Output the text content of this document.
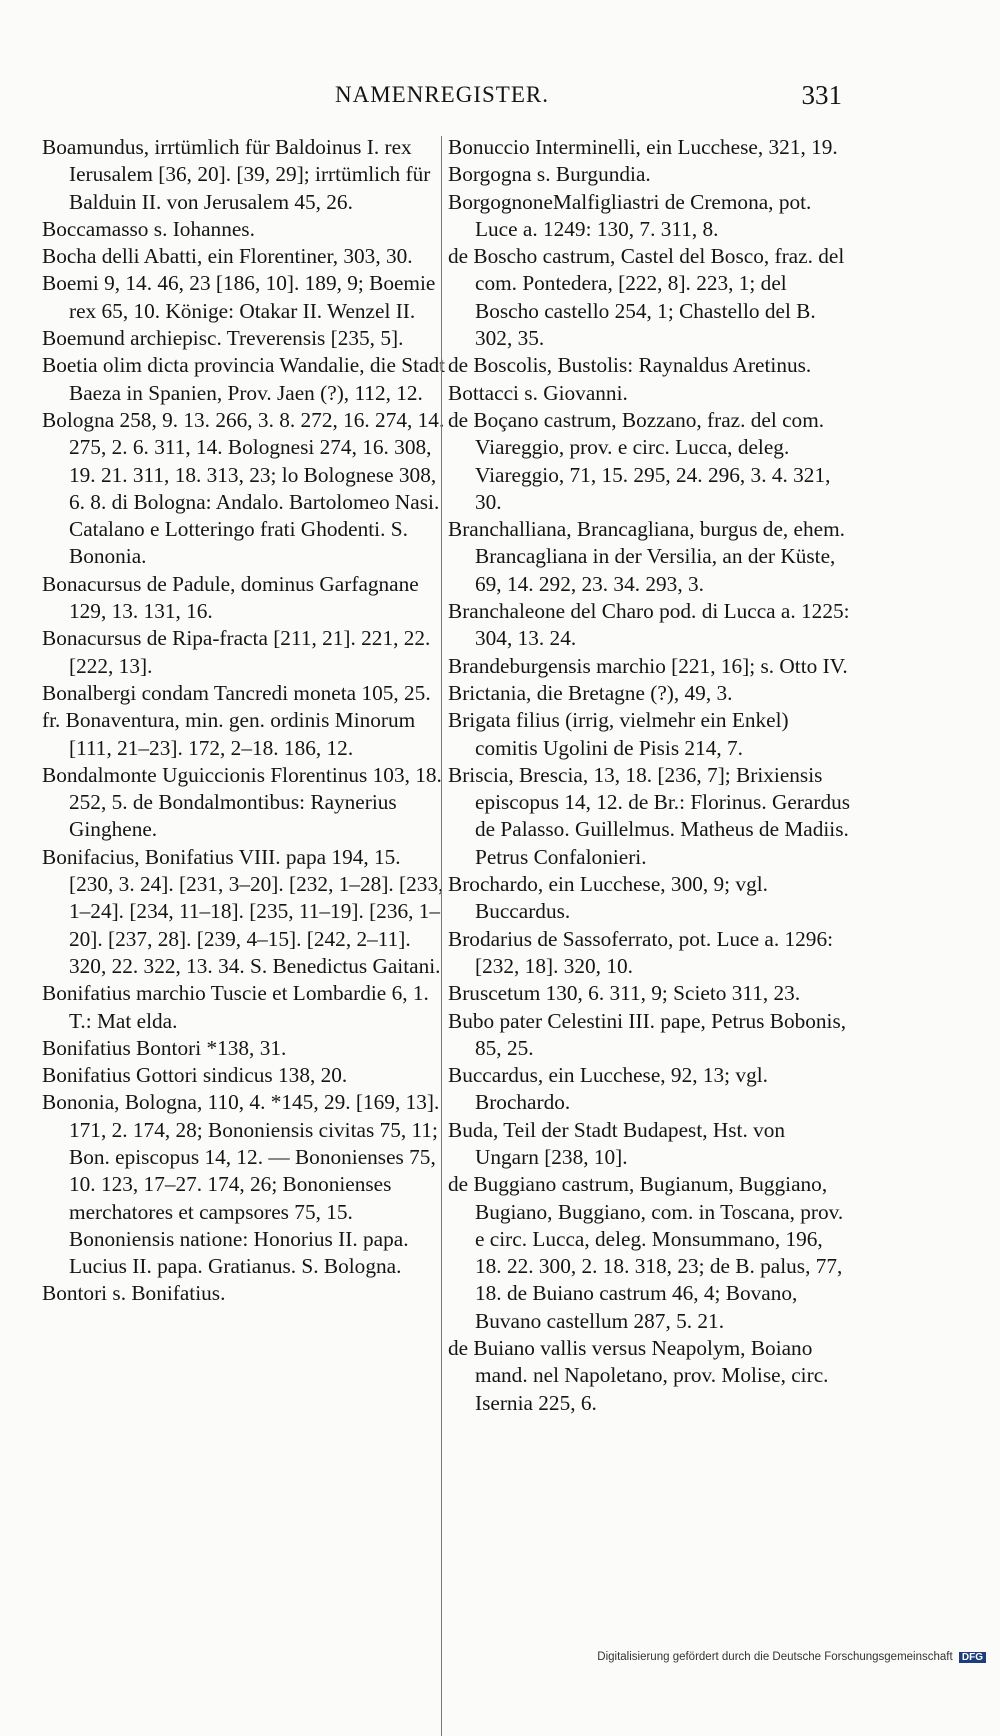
NAMENREGISTER.	331

Boamundus, irrtümlich für Baldoinus I. rex Ierusalem [36, 20]. [39, 29]; irrtümlich für Balduin II. von Jerusalem 45, 26.

Boccamasso s. Iohannes.

Bocha delli Abatti, ein Florentiner, 303, 30.

Boemi 9, 14. 46, 23 [186, 10]. 189, 9; Boemie rex 65, 10. Könige: Otakar II. Wenzel II.

Boemund archiepisc. Treverensis [235, 5].

Boetia olim dicta provincia Wandalie, die Stadt Baeza in Spanien, Prov. Jaen (?), 112, 12.

Bologna 258, 9. 13. 266, 3. 8. 272, 16. 274, 14. 275, 2. 6. 311, 14. Bolognesi 274, 16. 308, 19. 21. 311, 18. 313, 23; lo Bolognese 308, 6. 8. di Bologna: Andalo. Bartolomeo Nasi. Catalano e Lotteringo frati Ghodenti. S. Bononia.

Bonacursus de Padule, dominus Garfagnane 129, 13. 131, 16.

Bonacursus de Ripa-fracta [211, 21]. 221, 22. [222, 13].

Bonalbergi condam Tancredi moneta 105, 25.

fr. Bonaventura, min. gen. ordinis Minorum [111, 21–23]. 172, 2–18. 186, 12.

Bondalmonte Uguiccionis Florentinus 103, 18. 252, 5. de Bondalmontibus: Raynerius Ginghene.

Bonifacius, Bonifatius VIII. papa 194, 15. [230, 3. 24]. [231, 3–20]. [232, 1–28]. [233, 1–24]. [234, 11–18]. [235, 11–19]. [236, 1–20]. [237, 28]. [239, 4–15]. [242, 2–11]. 320, 22. 322, 13. 34. S. Benedictus Gaitani.

Bonifatius marchio Tuscie et Lombardie 6, 1. T.: Mat elda.

Bonifatius Bontori *138, 31.

Bonifatius Gottori sindicus 138, 20.

Bononia, Bologna, 110, 4. *145, 29. [169, 13]. 171, 2. 174, 28; Bononiensis civitas 75, 11; Bon. episcopus 14, 12. — Bononienses 75, 10. 123, 17–27. 174, 26; Bononienses merchatores et campsores 75, 15. Bononiensis natione: Honorius II. papa. Lucius II. papa. Gratianus. S. Bologna.

Bontori s. Bonifatius.

Bonuccio Interminelli, ein Lucchese, 321, 19.

Borgogna s. Burgundia.

BorgognoneMalfigliastri de Cremona, pot. Luce a. 1249: 130, 7. 311, 8.

de Boscho castrum, Castel del Bosco, fraz. del com. Pontedera, [222, 8]. 223, 1; del Boscho castello 254, 1; Chastello del B. 302, 35.

de Boscolis, Bustolis: Raynaldus Aretinus.

Bottacci s. Giovanni.

de Boçano castrum, Bozzano, fraz. del com. Viareggio, prov. e circ. Lucca, deleg. Viareggio, 71, 15. 295, 24. 296, 3. 4. 321, 30.

Branchalliana, Brancagliana, burgus de, ehem. Brancagliana in der Versilia, an der Küste, 69, 14. 292, 23. 34. 293, 3.

Branchaleone del Charo pod. di Lucca a. 1225: 304, 13. 24.

Brandeburgensis marchio [221, 16]; s. Otto IV.

Brictania, die Bretagne (?), 49, 3.

Brigata filius (irrig, vielmehr ein Enkel) comitis Ugolini de Pisis 214, 7.

Briscia, Brescia, 13, 18. [236, 7]; Brixiensis episcopus 14, 12. de Br.: Florinus. Gerardus de Palasso. Guillelmus. Matheus de Madiis. Petrus Confalonieri.

Brochardo, ein Lucchese, 300, 9; vgl. Buccardus.

Brodarius de Sassoferrato, pot. Luce a. 1296: [232, 18]. 320, 10.

Bruscetum 130, 6. 311, 9; Scieto 311, 23.

Bubo pater Celestini III. pape, Petrus Bobonis, 85, 25.

Buccardus, ein Lucchese, 92, 13; vgl. Brochardo.

Buda, Teil der Stadt Budapest, Hst. von Ungarn [238, 10].

de Buggiano castrum, Bugianum, Buggiano, Bugiano, Buggiano, com. in Toscana, prov. e circ. Lucca, deleg. Monsummano, 196, 18. 22. 300, 2. 18. 318, 23; de B. palus, 77, 18. de Buiano castrum 46, 4; Bovano, Buvano castellum 287, 5. 21.

de Buiano vallis versus Neapolym, Boiano mand. nel Napoletano, prov. Molise, circ. Isernia 225, 6.

Digitalisierung gefördert durch die Deutsche Forschungsgemeinschaft DFG
